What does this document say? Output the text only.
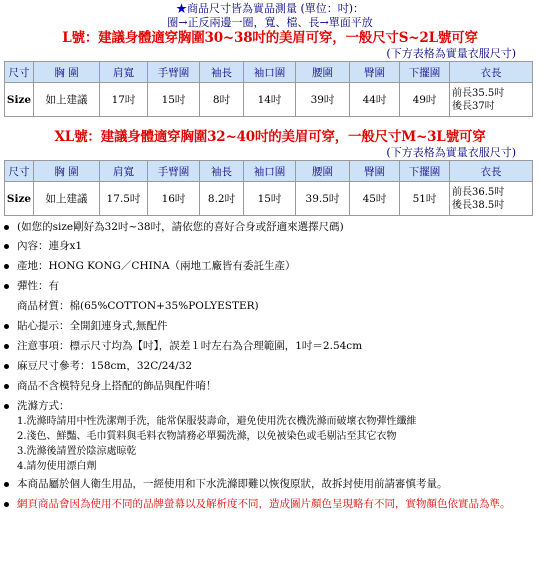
★商品尺寸皆為實品測量 (單位：吋)：
圈→正反兩邊一圈，寬、檔、長→單面平放
L號：建議身體適穿胸圍30~38吋的美眉可穿，一般尺寸S~2L號可穿
(下方表格為實量衣服尺寸)
尺寸	胸 圍	肩寬	手臂圍	袖長	袖口圍	腰圍	臀圍	下擺圍	衣長
Size	如上建議	17吋	15吋	8吋	14吋	39吋	44吋	49吋	前長35.5吋
後長37吋
XL號：建議身體適穿胸圍32~40吋的美眉可穿，一般尺寸M~3L號可穿
(下方表格為實量衣服尺寸)
尺寸	胸 圍	肩寬	手臂圍	袖長	袖口圍	腰圍	臀圍	下擺圍	衣長
Size	如上建議	17.5吋	16吋	8.2吋	15吋	39.5吋	45吋	51吋	前長36.5吋
後長38.5吋
(如您的size剛好為32吋~38吋，請依您的喜好合身或舒適來選擇尺碼)
內容：連身x1
產地：HONG KONG／CHINA（兩地工廠皆有委託生產）
彈性：有
商品材質：棉(65%COTTON+35%POLYESTER)
貼心提示：全開釦連身式,無配件
注意事項：標示尺寸均為【吋】，誤差１吋左右為合理範圍，1吋＝2.54cm
麻豆尺寸參考：158cm，32C/24/32
商品不含模特兒身上搭配的飾品與配件唷！
洗滌方式：
1.洗滌時請用中性洗潔劑手洗，能常保服裝壽命，避免使用洗衣機洗滌而破壞衣物彈性纖維
2.淺色、鮮豔、毛巾質料與毛料衣物請務必單獨洗滌，以免被染色或毛剔沾至其它衣物
3.洗滌後請置於陰涼處晾乾
4.請勿使用漂白劑
本商品屬於個人衛生用品，一經使用和下水洗滌即難以恢復原狀，故拆封使用前請審慎考量。
網頁商品會因為使用不同的品牌螢幕以及解析度不同，造成圖片顏色呈現略有不同，實物顏色依實品為準。
